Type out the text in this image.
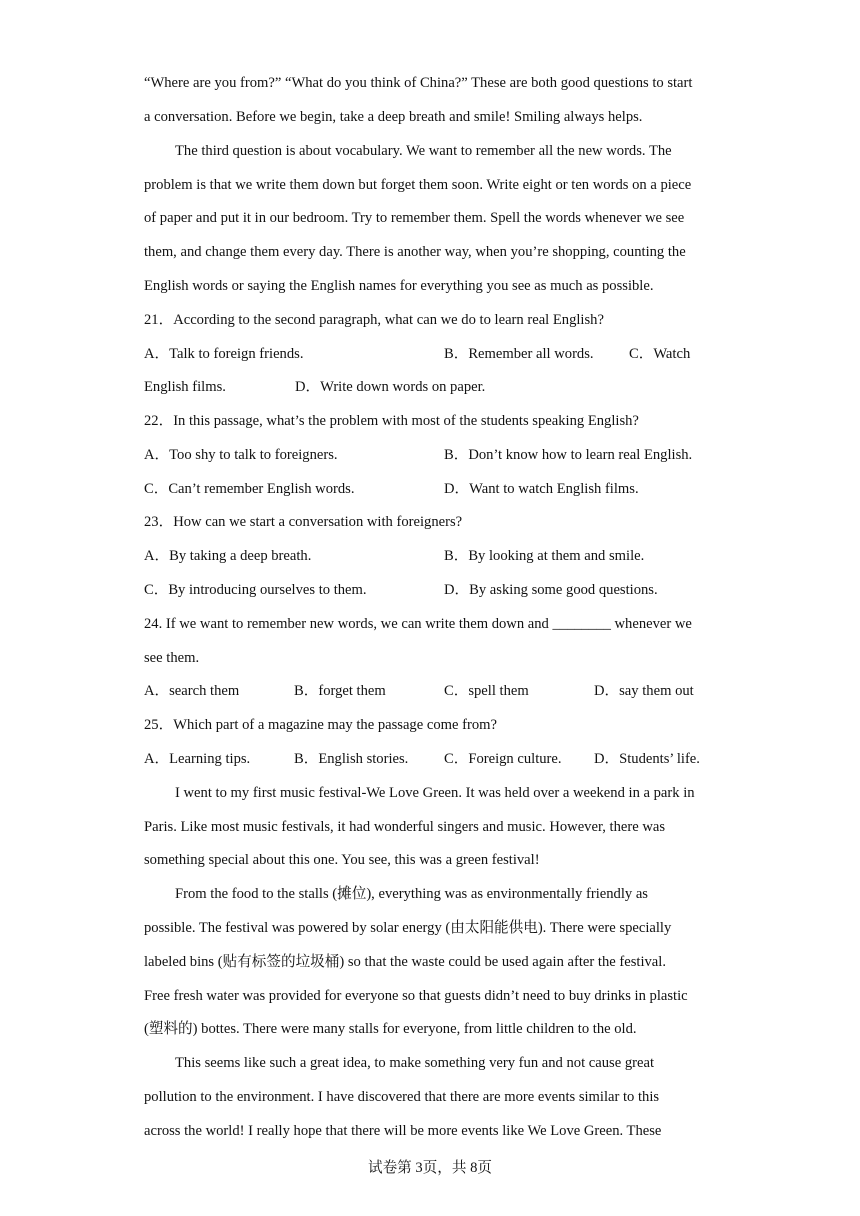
“Where are you from?” “What do you think of China?” These are both good questions to start
a conversation. Before we begin, take a deep breath and smile! Smiling always helps.
The third question is about vocabulary. We want to remember all the new words. The
problem is that we write them down but forget them soon. Write eight or ten words on a piece
of paper and put it in our bedroom. Try to remember them. Spell the words whenever we see
them, and change them every day. There is another way, when you’re shopping, counting the
English words or saying the English names for everything you see as much as possible.
21．According to the second paragraph, what can we do to learn real English?
A．Talk to foreign friends.	B．Remember all words. C．Watch
English films.	D．Write down words on paper.
22．In this passage, what’s the problem with most of the students speaking English?
A．Too shy to talk to foreigners.	B．Don’t know how to learn real English.
C．Can’t remember English words.	D．Want to watch English films.
23．How can we start a conversation with foreigners?
A．By taking a deep breath.	B．By looking at them and smile.
C．By introducing ourselves to them.	D．By asking some good questions.
24. If we want to remember new words, we can write them down and ________ whenever we
see them.
A．search them	B．forget them	C．spell them	D．say them out
25．Which part of a magazine may the passage come from?
A．Learning tips.	B．English stories. C．Foreign culture. D．Students’ life.
I went to my first music festival-We Love Green. It was held over a weekend in a park in
Paris. Like most music festivals, it had wonderful singers and music. However, there was
something special about this one. You see, this was a green festival!
From the food to the stalls (摊位), everything was as environmentally friendly as
possible. The festival was powered by solar energy (由太阳能供电). There were specially
labeled bins (贴有标签的垃圾桶) so that the waste could be used again after the festival.
Free fresh water was provided for everyone so that guests didn’t need to buy drinks in plastic
(塑料的) bottes. There were many stalls for everyone, from little children to the old.
This seems like such a great idea, to make something very fun and not cause great
pollution to the environment. I have discovered that there are more events similar to this
across the world! I really hope that there will be more events like We Love Green. These
试卷第 3页，共 8页
